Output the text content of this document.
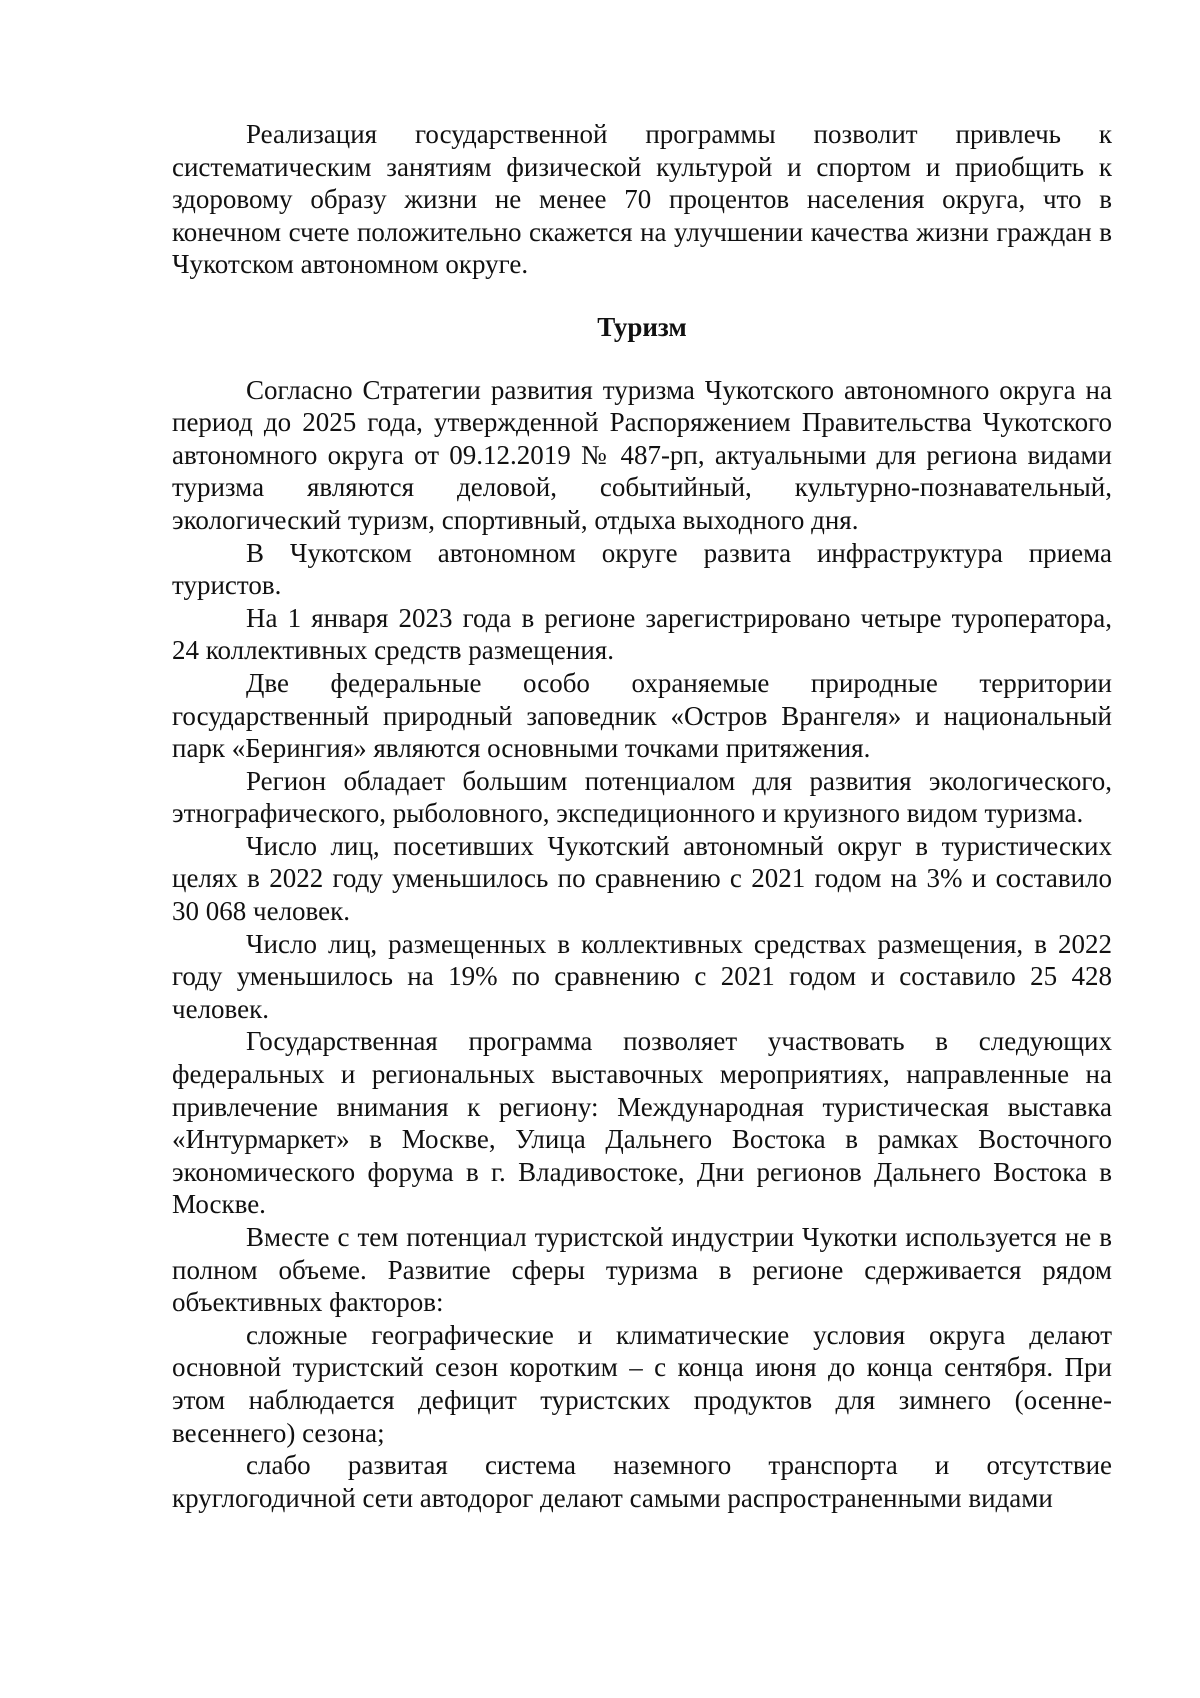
Реализация государственной программы позволит привлечь к систематическим занятиям физической культурой и спортом и приобщить к здоровому образу жизни не менее 70 процентов населения округа, что в конечном счете положительно скажется на улучшении качества жизни граждан в Чукотском автономном округе.

Туризм

Согласно Стратегии развития туризма Чукотского автономного округа на период до 2025 года, утвержденной Распоряжением Правительства Чукотского автономного округа от 09.12.2019 № 487-рп, актуальными для региона видами туризма являются деловой, событийный, культурно-познавательный, экологический туризм, спортивный, отдыха выходного дня.

В Чукотском автономном округе развита инфраструктура приема туристов.

На 1 января 2023 года в регионе зарегистрировано четыре туроператора, 24 коллективных средств размещения.

Две федеральные особо охраняемые природные территории государственный природный заповедник «Остров Врангеля» и национальный парк «Берингия» являются основными точками притяжения.

Регион обладает большим потенциалом для развития экологического, этнографического, рыболовного, экспедиционного и круизного видом туризма.

Число лиц, посетивших Чукотский автономный округ в туристических целях в 2022 году уменьшилось по сравнению с 2021 годом на 3% и составило 30 068 человек.

Число лиц, размещенных в коллективных средствах размещения, в 2022 году уменьшилось на 19% по сравнению с 2021 годом и составило 25 428 человек.

Государственная программа позволяет участвовать в следующих федеральных и региональных выставочных мероприятиях, направленные на привлечение внимания к региону: Международная туристическая выставка «Интурмаркет» в Москве, Улица Дальнего Востока в рамках Восточного экономического форума в г. Владивостоке, Дни регионов Дальнего Востока в Москве.

Вместе с тем потенциал туристской индустрии Чукотки используется не в полном объеме. Развитие сферы туризма в регионе сдерживается рядом объективных факторов:

сложные географические и климатические условия округа делают основной туристский сезон коротким – с конца июня до конца сентября. При этом наблюдается дефицит туристских продуктов для зимнего (осенне-весеннего) сезона;

слабо развитая система наземного транспорта и отсутствие круглогодичной сети автодорог делают самыми распространенными видами
